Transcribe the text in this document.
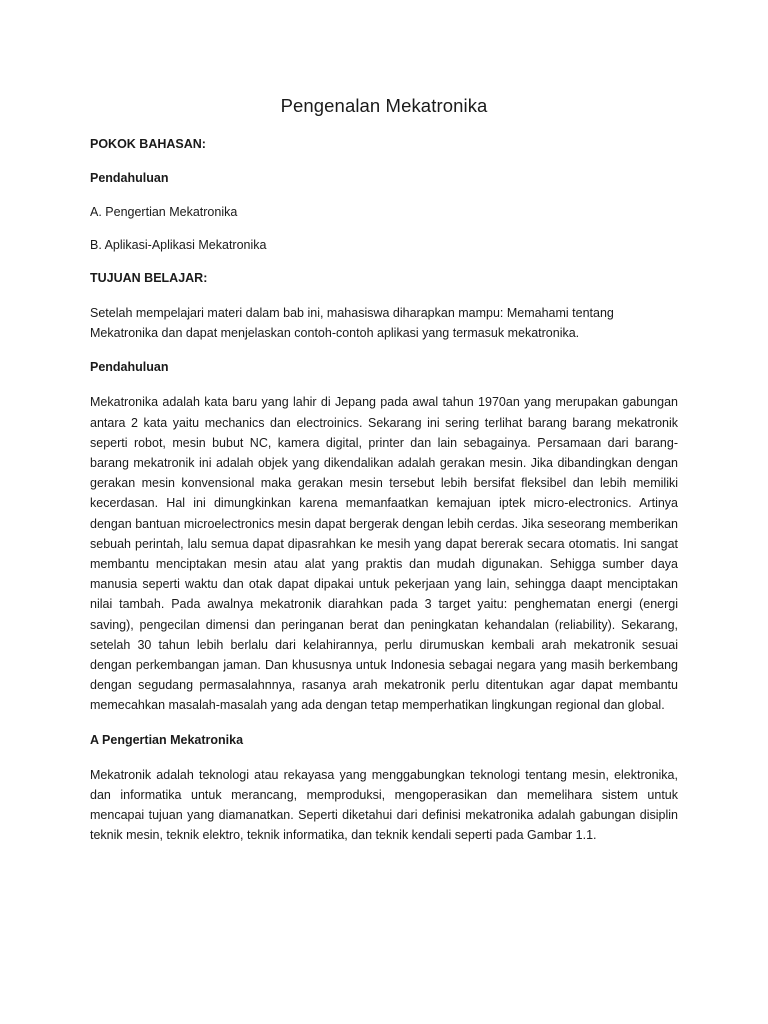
Pengenalan Mekatronika
POKOK BAHASAN:
Pendahuluan
A. Pengertian Mekatronika
B. Aplikasi-Aplikasi Mekatronika
TUJUAN BELAJAR:

Setelah mempelajari materi dalam bab ini, mahasiswa diharapkan mampu: Memahami tentang Mekatronika dan dapat menjelaskan contoh-contoh aplikasi yang termasuk mekatronika.

Pendahuluan

Mekatronika adalah kata baru yang lahir di Jepang pada awal tahun 1970an yang merupakan gabungan antara 2 kata yaitu mechanics dan electroinics. Sekarang ini sering terlihat barang barang mekatronik seperti robot, mesin bubut NC, kamera digital, printer dan lain sebagainya. Persamaan dari barang-barang mekatronik ini adalah objek yang dikendalikan adalah gerakan mesin. Jika dibandingkan dengan gerakan mesin konvensional maka gerakan mesin tersebut lebih bersifat fleksibel dan lebih memiliki kecerdasan. Hal ini dimungkinkan karena memanfaatkan kemajuan iptek micro-electronics. Artinya dengan bantuan microelectronics mesin dapat bergerak dengan lebih cerdas. Jika seseorang memberikan sebuah perintah, lalu semua dapat dipasrahkan ke mesih yang dapat bererak secara otomatis. Ini sangat membantu menciptakan mesin atau alat yang praktis dan mudah digunakan. Sehigga sumber daya manusia seperti waktu dan otak dapat dipakai untuk pekerjaan yang lain, sehingga daapt menciptakan nilai tambah. Pada awalnya mekatronik diarahkan pada 3 target yaitu: penghematan energi (energi saving), pengecilan dimensi dan peringanan berat dan peningkatan kehandalan (reliability). Sekarang, setelah 30 tahun lebih berlalu dari kelahirannya, perlu dirumuskan kembali arah mekatronik sesuai dengan perkembangan jaman. Dan khususnya untuk Indonesia sebagai negara yang masih berkembang dengan segudang permasalahnnya, rasanya arah mekatronik perlu ditentukan agar dapat membantu memecahkan masalah-masalah yang ada dengan tetap memperhatikan lingkungan regional dan global.

A Pengertian Mekatronika

Mekatronik adalah teknologi atau rekayasa yang menggabungkan teknologi tentang mesin, elektronika, dan informatika untuk merancang, memproduksi, mengoperasikan dan memelihara sistem untuk mencapai tujuan yang diamanatkan. Seperti diketahui dari definisi mekatronika adalah gabungan disiplin teknik mesin, teknik elektro, teknik informatika, dan teknik kendali seperti pada Gambar 1.1.
